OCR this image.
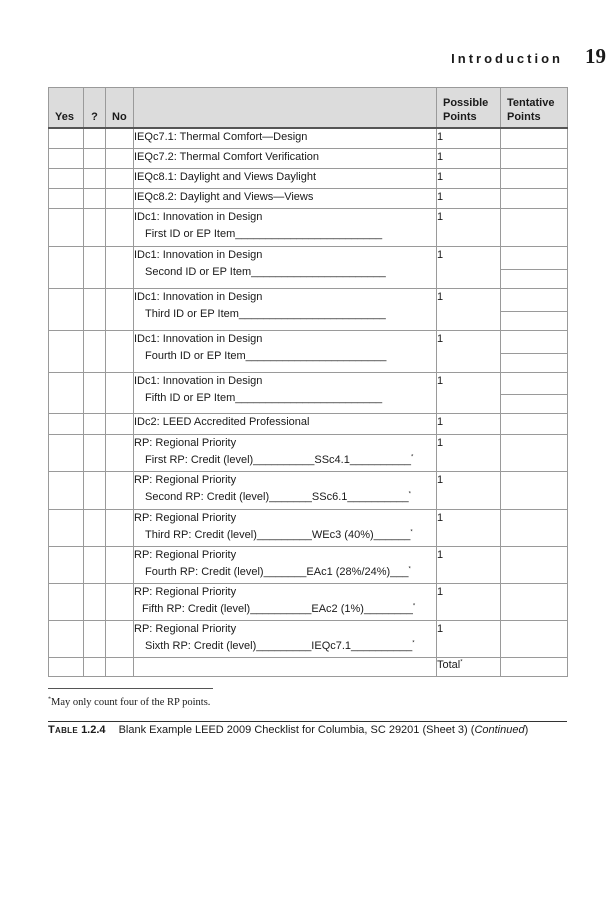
Introduction 19
Yes	?	No		Possible
Points	Tentative
Points

			IEQc7.1: Thermal Comfort—Design	1	

			IEQc7.2: Thermal Comfort Verification	1	

			IEQc8.1: Daylight and Views Daylight	1	

			IEQc8.2: Daylight and Views—Views	1	

			IDc1: Innovation in Design
First ID or EP Item________________________	1	

			IDc1: Innovation in Design
Second ID or EP Item______________________	1	

			IDc1: Innovation in Design
Third ID or EP Item________________________	1	

			IDc1: Innovation in Design
Fourth ID or EP Item_______________________	1	

			IDc1: Innovation in Design
Fifth ID or EP Item________________________	1	

			IDc2: LEED Accredited Professional	1	

			RP: Regional Priority
First RP: Credit (level)__________SSc4.1__________*	1	

			RP: Regional Priority
Second RP: Credit (level)_______SSc6.1__________*	1	

			RP: Regional Priority
Third RP: Credit (level)_________WEc3 (40%)______*	1	

			RP: Regional Priority
Fourth RP: Credit (level)_______EAc1 (28%/24%)___*	1	

			RP: Regional Priority
Fifth RP: Credit (level)__________EAc2 (1%)________*	1	

			RP: Regional Priority
Sixth RP: Credit (level)_________IEQc7.1__________*	1	
				Total*	
*May only count four of the RP points.
Table 1.2.4 Blank Example LEED 2009 Checklist for Columbia, SC 29201 (Sheet 3) (Continued)
